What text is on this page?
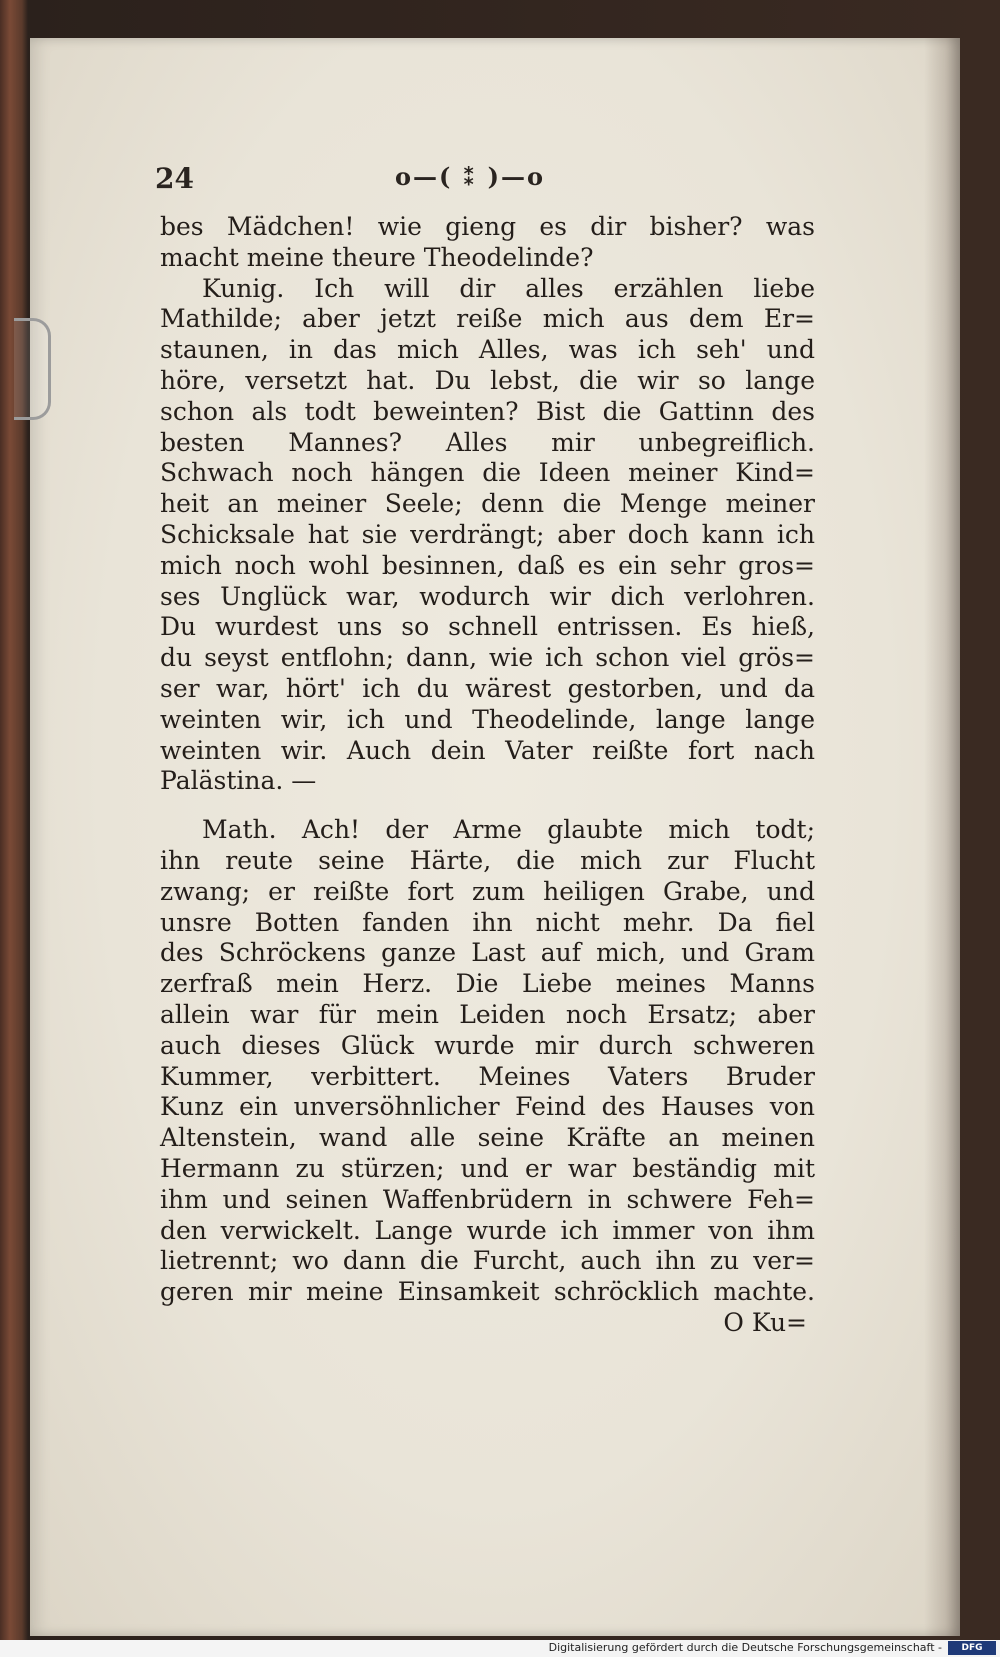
24	o—( ⁑ )—o
bes Mädchen! wie gieng es dir bisher? was
macht meine theure Theodelinde?
Kunig. Ich will dir alles erzählen liebe
Mathilde; aber jetzt reiße mich aus dem Er=
staunen, in das mich Alles, was ich seh' und
höre, versetzt hat. Du lebst, die wir so lange
schon als todt beweinten? Bist die Gattinn des
besten Mannes? Alles mir unbegreiflich.
Schwach noch hängen die Ideen meiner Kind=
heit an meiner Seele; denn die Menge meiner
Schicksale hat sie verdrängt; aber doch kann ich
mich noch wohl besinnen, daß es ein sehr gros=
ses Unglück war, wodurch wir dich verlohren.
Du wurdest uns so schnell entrissen. Es hieß,
du seyst entflohn; dann, wie ich schon viel grös=
ser war, hört' ich du wärest gestorben, und da
weinten wir, ich und Theodelinde, lange lange
weinten wir. Auch dein Vater reißte fort nach
Palästina. —
Math. Ach! der Arme glaubte mich todt;
ihn reute seine Härte, die mich zur Flucht
zwang; er reißte fort zum heiligen Grabe, und
unsre Botten fanden ihn nicht mehr. Da fiel
des Schröckens ganze Last auf mich, und Gram
zerfraß mein Herz. Die Liebe meines Manns
allein war für mein Leiden noch Ersatz; aber
auch dieses Glück wurde mir durch schweren
Kummer, verbittert. Meines Vaters Bruder
Kunz ein unversöhnlicher Feind des Hauses von
Altenstein, wand alle seine Kräfte an meinen
Hermann zu stürzen; und er war beständig mit
ihm und seinen Waffenbrüdern in schwere Feh=
den verwickelt. Lange wurde ich immer von ihm
lietrennt; wo dann die Furcht, auch ihn zu ver=
geren mir meine Einsamkeit schröcklich machte.
O Ku=
Digitalisierung gefördert durch die Deutsche Forschungsgemeinschaft -	DFG
